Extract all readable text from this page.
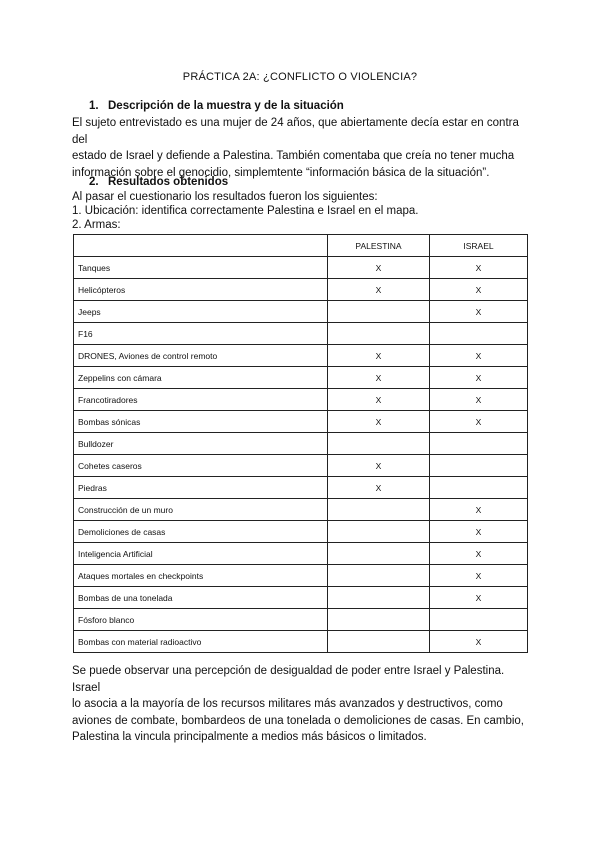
PRÁCTICA 2A: ¿CONFLICTO O VIOLENCIA?
1. Descripción de la muestra y de la situación
El sujeto entrevistado es una mujer de 24 años, que abiertamente decía estar en contra del
estado de Israel y defiende a Palestina. También comentaba que creía no tener mucha
información sobre el genocidio, simplemtente “información básica de la situación”.
2. Resultados obtenidos
Al pasar el cuestionario los resultados fueron los siguientes:
1. Ubicación: identifica correctamente Palestina e Israel en el mapa.
2. Armas:
	PALESTINA	ISRAEL
Tanques	X	X
Helicópteros	X	X
Jeeps		X
F16		
DRONES, Aviones de control remoto	X	X
Zeppelins con cámara	X	X
Francotiradores	X	X
Bombas sónicas	X	X
Bulldozer		
Cohetes caseros	X	
Piedras	X	
Construcción de un muro		X
Demoliciones de casas		X
Inteligencia Artificial		X
Ataques mortales en checkpoints		X
Bombas de una tonelada		X
Fósforo blanco		
Bombas con material radioactivo		X
Se puede observar una percepción de desigualdad de poder entre Israel y Palestina. Israel
lo asocia a la mayoría de los recursos militares más avanzados y destructivos, como
aviones de combate, bombardeos de una tonelada o demoliciones de casas. En cambio,
Palestina la vincula principalmente a medios más básicos o limitados.
